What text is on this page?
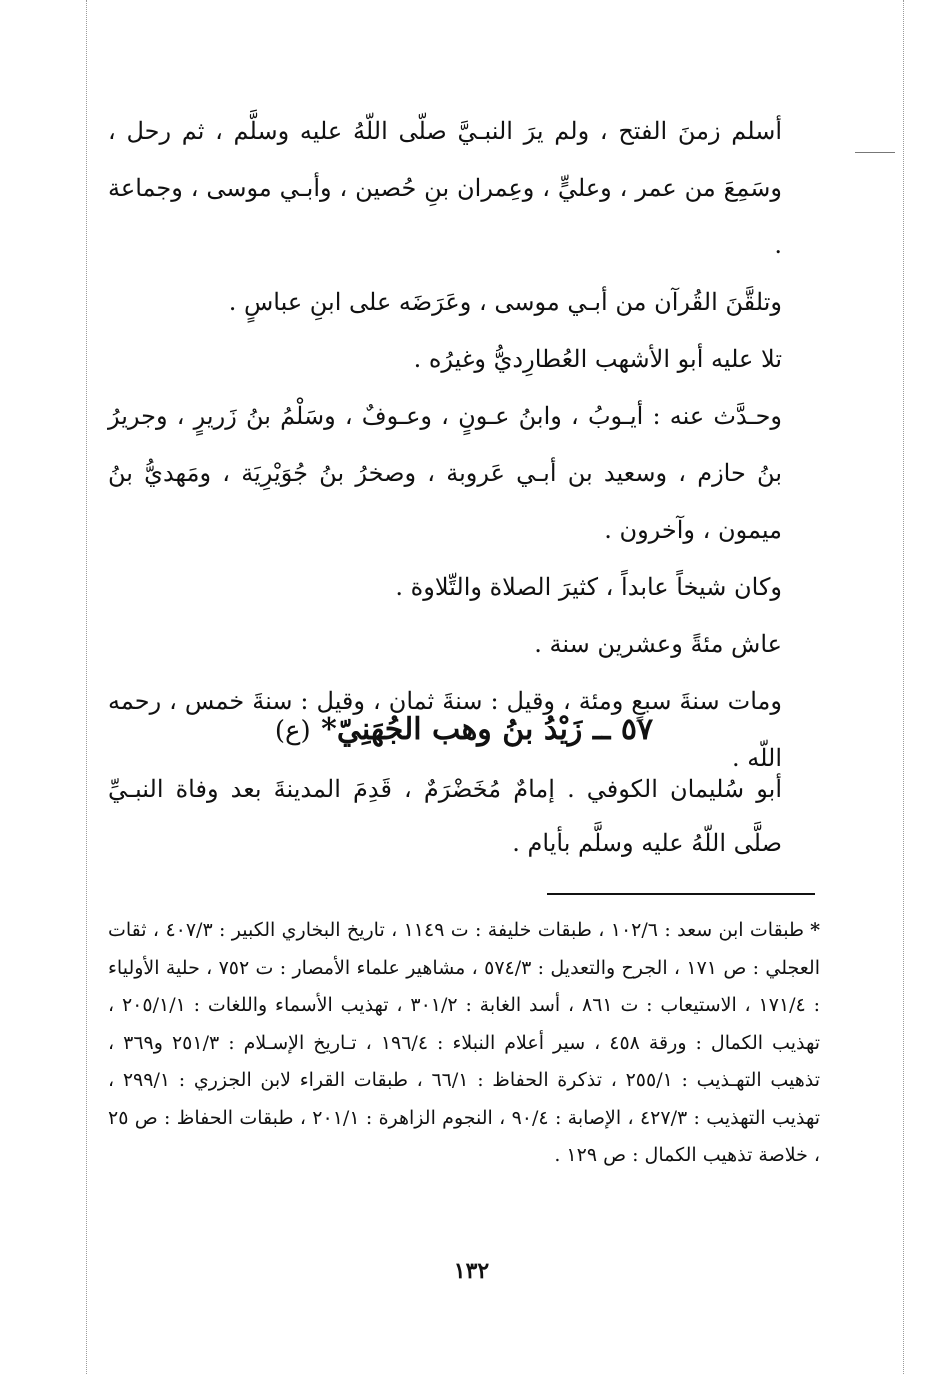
أسلم زمنَ الفتح ، ولم يرَ النبـيَّ صلّى اللّهُ عليه وسلَّم ، ثم رحل ، وسَمِعَ من عمر ، وعليٍّ ، وعِمران بنِ حُصين ، وأبـي موسى ، وجماعة .

وتلقَّنَ القُرآن من أبـي موسى ، وعَرَضَه على ابنِ عباسٍ .

تلا عليه أبو الأشهب العُطارِديُّ وغيرُه .

وحـدَّث عنه : أيـوبُ ، وابنُ عـونٍ ، وعـوفٌ ، وسَلْمُ بنُ زَريرٍ ، وجريرُ بنُ حازم ، وسعيد بن أبـي عَروبة ، وصخرُ بنُ جُوَيْرِيَة ، ومَهديُّ بنُ ميمون ، وآخرون .

وكان شيخاً عابداً ، كثيرَ الصلاة والتِّلاوة .

عاش مئةً وعشرين سنة .

ومات سنةَ سبعٍ ومئة ، وقيل : سنةَ ثمان ، وقيل : سنةَ خمس ، رحمه اللّه .

٥٧ ــ زَيْدُ بنُ وهب الجُهَنِيّ* (ع)

أبو سُليمان الكوفي . إمامٌ مُخَضْرَمٌ ، قَدِمَ المدينةَ بعد وفاة النبـيِّ صلَّى اللّهُ عليه وسلَّم بأيام .

*طبقات ابن سعد : ١٠٢/٦ ، طبقات خليفة : ت ١١٤٩ ، تاريخ البخاري الكبير : ٤٠٧/٣ ، ثقات العجلي : ص ١٧١ ، الجرح والتعديل : ٥٧٤/٣ ، مشاهير علماء الأمصار : ت ٧٥٢ ، حلية الأولياء : ١٧١/٤ ، الاستيعاب : ت ٨٦١ ، أسد الغابة : ٣٠١/٢ ، تهذيب الأسماء واللغات : ٢٠٥/١/١ ، تهذيب الكمال : ورقة ٤٥٨ ، سير أعلام النبلاء : ١٩٦/٤ ، تـاريخ الإسـلام : ٢٥١/٣ و٣٦٩ ، تذهيب التهـذيب : ٢٥٥/١ ، تذكرة الحفاظ : ٦٦/١ ، طبقات القراء لابن الجزري : ٢٩٩/١ ، تهذيب التهذيب : ٤٢٧/٣ ، الإصابة : ٩٠/٤ ، النجوم الزاهرة : ٢٠١/١ ، طبقات الحفاظ : ص ٢٥ ، خلاصة تذهيب الكمال : ص ١٢٩ .
١٣٢
